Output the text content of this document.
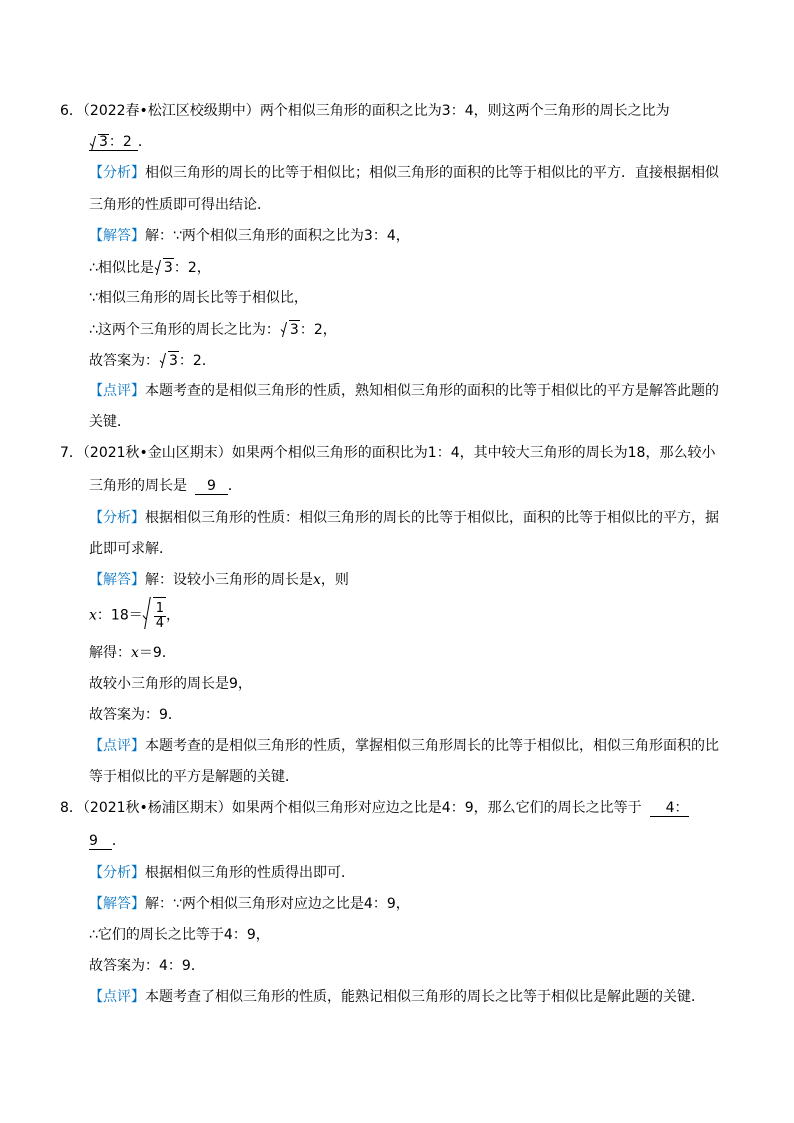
6．（2022春•松江区校级期中）两个相似三角形的面积之比为3：4，则这两个三角形的周长之比为
3：2 ．
【分析】相似三角形的周长的比等于相似比；相似三角形的面积的比等于相似比的平方．直接根据相似
三角形的性质即可得出结论．
【解答】解：∵两个相似三角形的面积之比为3：4，
∴相似比是 3：2，
∵相似三角形的周长比等于相似比，
∴这两个三角形的周长之比为： 3：2，
故答案为： 3：2．
【点评】本题考查的是相似三角形的性质，熟知相似三角形的面积的比等于相似比的平方是解答此题的
关键．
7．（2021秋•金山区期末）如果两个相似三角形的面积比为1：4，其中较大三角形的周长为18，那么较小
三角形的周长是 9 ．
【分析】根据相似三角形的性质：相似三角形的周长的比等于相似比，面积的比等于相似比的平方，据
此即可求解．
【解答】解：设较小三角形的周长是x，则
x：$18= \frac{1}{4}$ ，
解得：x＝9．
故较小三角形的周长是9，
故答案为：9．
【点评】本题考查的是相似三角形的性质，掌握相似三角形周长的比等于相似比，相似三角形面积的比
等于相似比的平方是解题的关键．
8．（2021秋•杨浦区期末）如果两个相似三角形对应边之比是4：9，那么它们的周长之比等于 4：
9 ．
【分析】根据相似三角形的性质得出即可．
【解答】解：∵两个相似三角形对应边之比是4：9，
∴它们的周长之比等于4：9，
故答案为：4：9．
【点评】本题考查了相似三角形的性质，能熟记相似三角形的周长之比等于相似比是解此题的关键．
